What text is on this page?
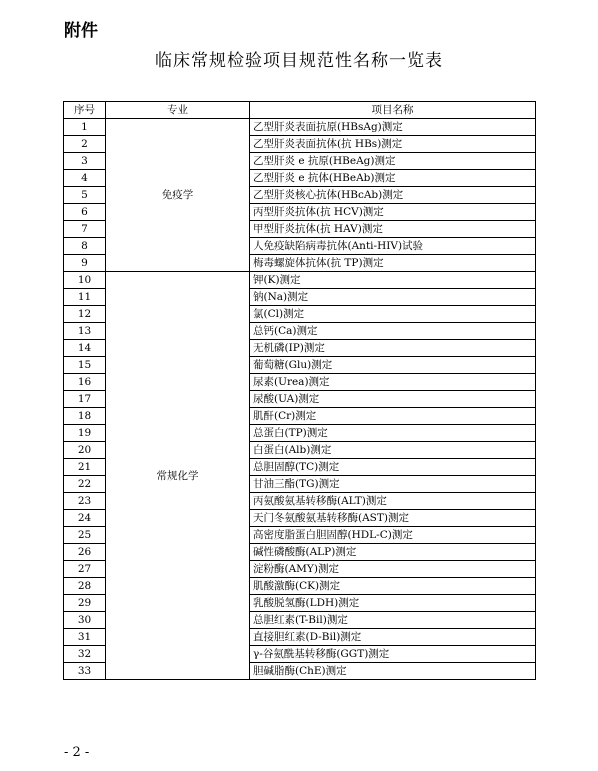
附件
临床常规检验项目规范性名称一览表
序号	专业	项目名称
1	免疫学	乙型肝炎表面抗原(HBsAg)测定
2		乙型肝炎表面抗体(抗 HBs)测定
3		乙型肝炎 e 抗原(HBeAg)测定
4		乙型肝炎 e 抗体(HBeAb)测定
5		乙型肝炎核心抗体(HBcAb)测定
6		丙型肝炎抗体(抗 HCV)测定
7		甲型肝炎抗体(抗 HAV)测定
8		人免疫缺陷病毒抗体(Anti-HIV)试验
9		梅毒螺旋体抗体(抗 TP)测定
10	常规化学	钾(K)测定
11		钠(Na)测定
12		氯(Cl)测定
13		总钙(Ca)测定
14		无机磷(IP)测定
15		葡萄糖(Glu)测定
16		尿素(Urea)测定
17		尿酸(UA)测定
18		肌酐(Cr)测定
19		总蛋白(TP)测定
20		白蛋白(Alb)测定
21		总胆固醇(TC)测定
22		甘油三酯(TG)测定
23		丙氨酸氨基转移酶(ALT)测定
24		天门冬氨酸氨基转移酶(AST)测定
25		高密度脂蛋白胆固醇(HDL-C)测定
26		碱性磷酸酶(ALP)测定
27		淀粉酶(AMY)测定
28		肌酸激酶(CK)测定
29		乳酸脱氢酶(LDH)测定
30		总胆红素(T-Bil)测定
31		直接胆红素(D-Bil)测定
32		γ-谷氨酰基转移酶(GGT)测定
33		胆碱脂酶(ChE)测定
- 2 -
